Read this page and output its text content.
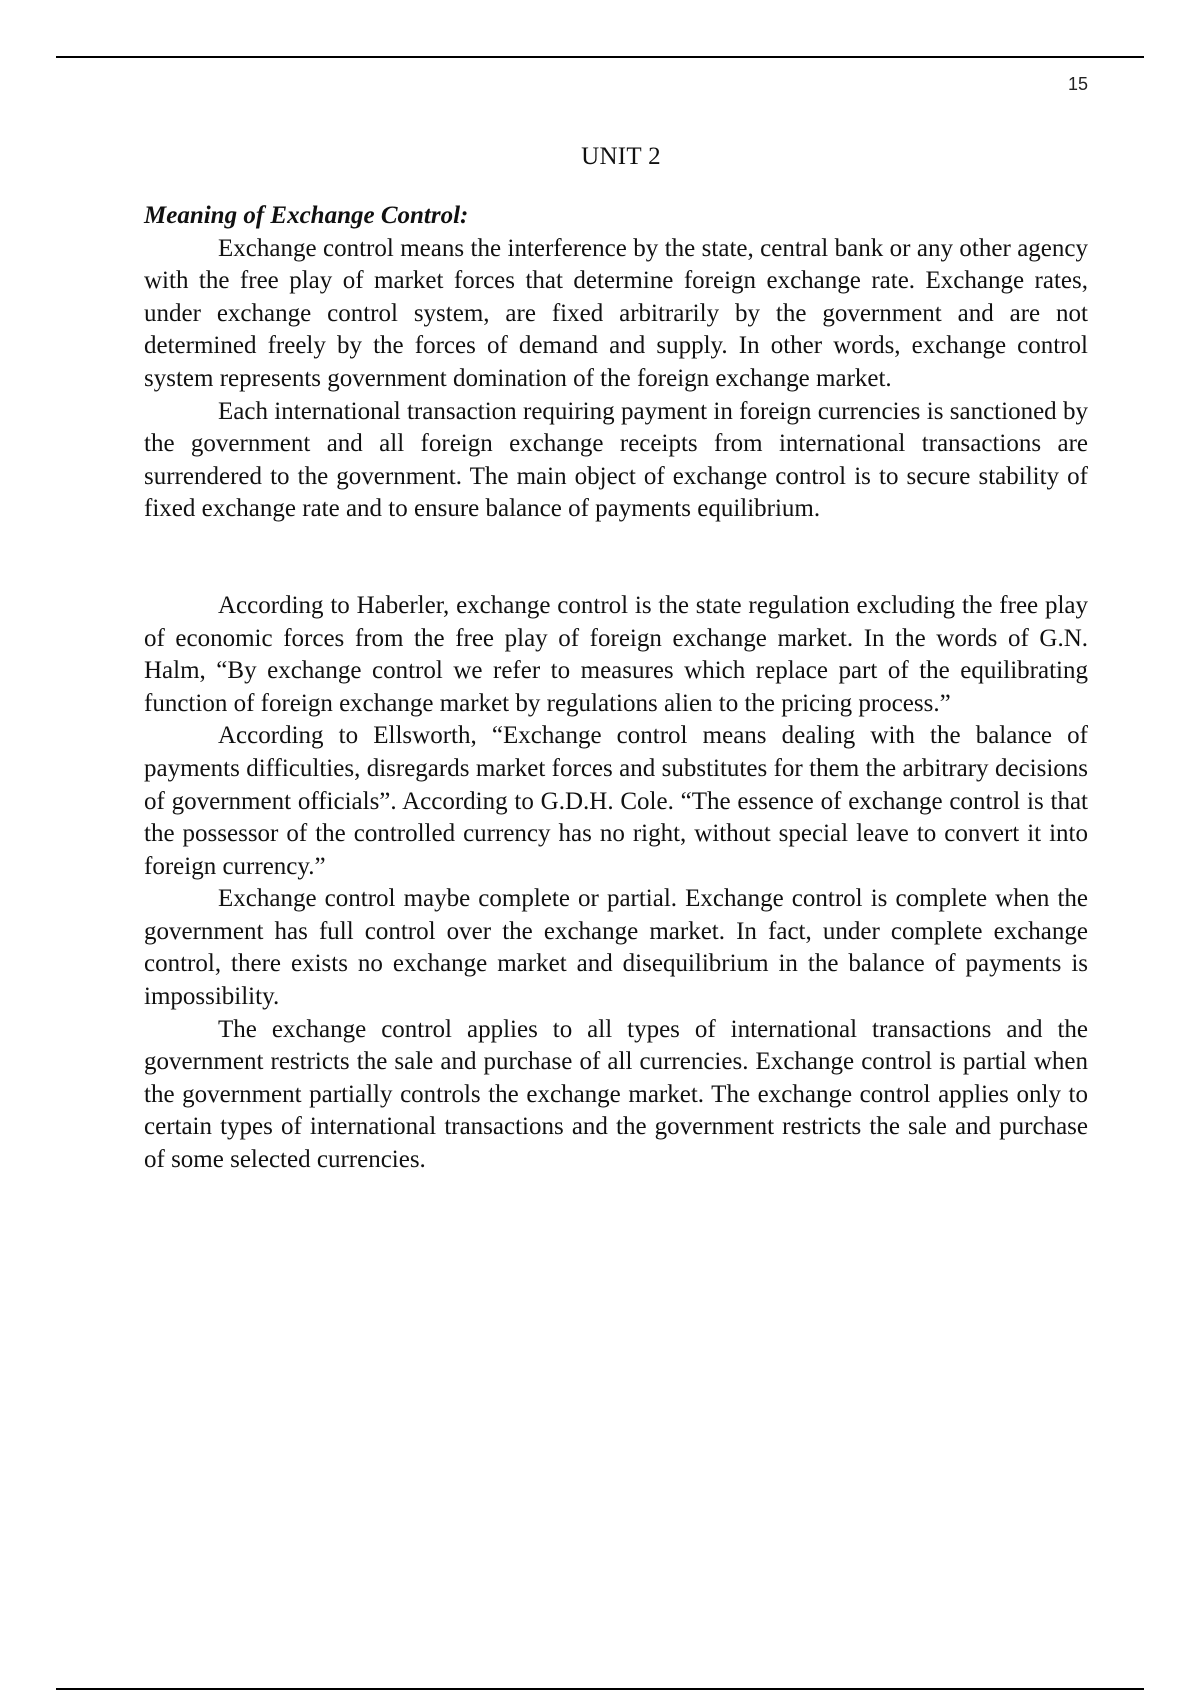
15
UNIT 2

Meaning of Exchange Control:

Exchange control means the interference by the state, central bank or any other agency with the free play of market forces that determine foreign exchange rate. Exchange rates, under exchange control system, are fixed arbitrarily by the government and are not determined freely by the forces of demand and supply. In other words, exchange control system represents government domination of the foreign exchange market.

Each international transaction requiring payment in foreign currencies is sanctioned by the government and all foreign exchange receipts from international transactions are surrendered to the government. The main object of exchange control is to secure stability of fixed exchange rate and to ensure balance of payments equilibrium.

According to Haberler, exchange control is the state regulation excluding the free play of economic forces from the free play of foreign exchange market. In the words of G.N. Halm, “By exchange control we refer to measures which replace part of the equilibrating function of foreign exchange market by regulations alien to the pricing process.”

According to Ellsworth, “Exchange control means dealing with the balance of payments difficulties, disregards market forces and substitutes for them the arbitrary decisions of government officials”. According to G.D.H. Cole. “The essence of exchange control is that the possessor of the controlled currency has no right, without special leave to convert it into foreign currency.”

Exchange control maybe complete or partial. Exchange control is complete when the government has full control over the exchange market. In fact, under complete exchange control, there exists no exchange market and disequilibrium in the balance of payments is impossibility.

The exchange control applies to all types of international transactions and the government restricts the sale and purchase of all currencies. Exchange control is partial when the government partially controls the exchange market. The exchange control applies only to certain types of international transactions and the government restricts the sale and purchase of some selected currencies.
